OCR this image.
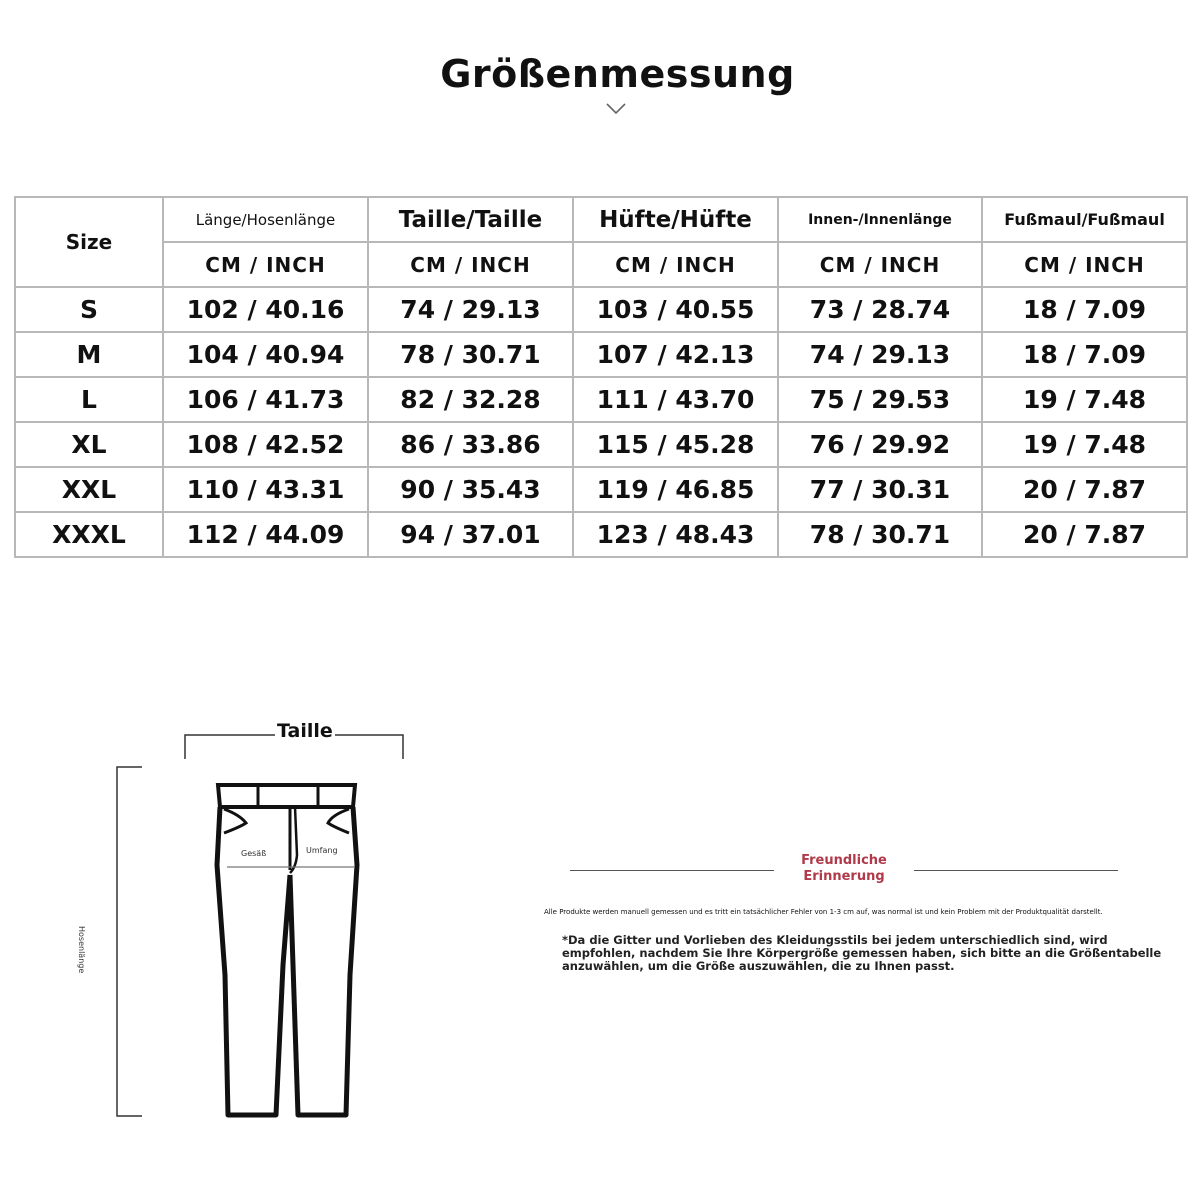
Größenmessung
Size	Länge/Hosenlänge	Taille/Taille	Hüfte/Hüfte	Innen-/Innenlänge	Fußmaul/Fußmaul
	CM / INCH	CM / INCH	CM / INCH	CM / INCH	CM / INCH
S	102 / 40.16	74 / 29.13	103 / 40.55	73 / 28.74	18 / 7.09
M	104 / 40.94	78 / 30.71	107 / 42.13	74 / 29.13	18 / 7.09
L	106 / 41.73	82 / 32.28	111 / 43.70	75 / 29.53	19 / 7.48
XL	108 / 42.52	86 / 33.86	115 / 45.28	76 / 29.92	19 / 7.48
XXL	110 / 43.31	90 / 35.43	119 / 46.85	77 / 30.31	20 / 7.87
XXXL	112 / 44.09	94 / 37.01	123 / 48.43	78 / 30.71	20 / 7.87
Taille
Gesäß	Umfang
Hosenlänge
Freundliche Erinnerung
Alle Produkte werden manuell gemessen und es tritt ein tatsächlicher Fehler von 1-3 cm auf, was normal ist und kein Problem mit der Produktqualität darstellt.
*Da die Gitter und Vorlieben des Kleidungsstils bei jedem unterschiedlich sind, wird empfohlen, nachdem Sie Ihre Körpergröße gemessen haben, sich bitte an die Größentabelle anzuwählen, um die Größe auszuwählen, die zu Ihnen passt.
